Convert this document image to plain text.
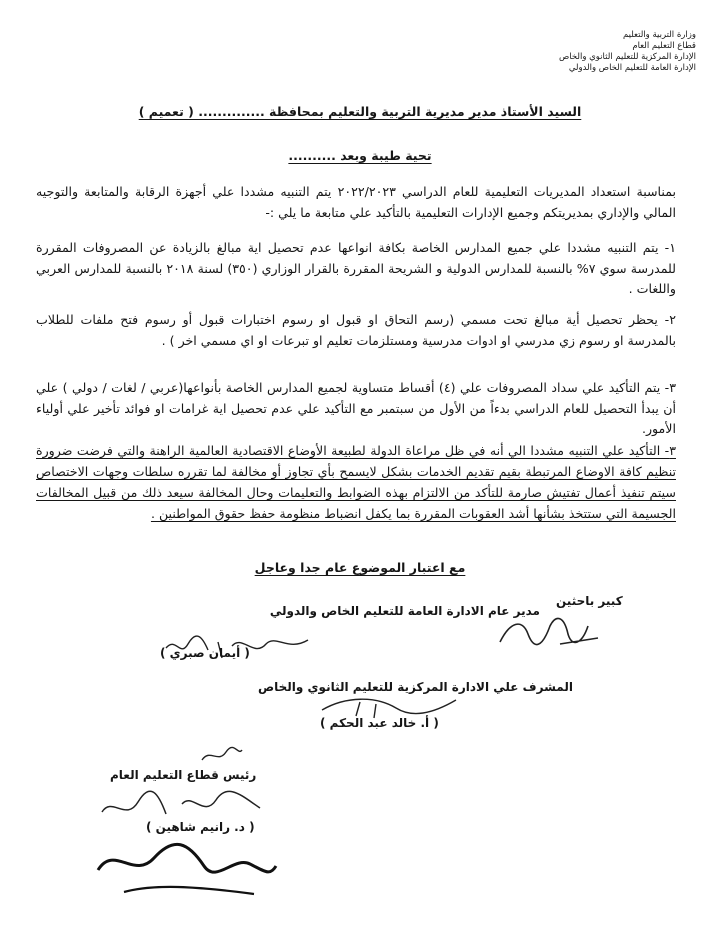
وزارة التربية والتعليم
قطاع التعليم العام
الإدارة المركزية للتعليم الثانوي والخاص
الإدارة العامة للتعليم الخاص والدولي
السيد الأستاذ مدير مديرية التربية والتعليم بمحافظة .............. ( تعميم )
تحية طيبة وبعد ..........
بمناسبة استعداد المديريات التعليمية للعام الدراسي ٢٠٢٢/٢٠٢٣ يتم التنبيه مشددا علي أجهزة الرقابة والمتابعة والتوجيه المالي والإداري بمديريتكم وجميع الإدارات التعليمية بالتأكيد علي متابعة ما يلي :-
١- يتم التنبيه مشددا علي جميع المدارس الخاصة بكافة انواعها عدم تحصيل اية مبالغ بالزيادة عن المصروفات المقررة للمدرسة سوي ٧% بالنسبة للمدارس الدولية و الشريحة المقررة بالقرار الوزاري (٣٥٠) لسنة ٢٠١٨ بالنسبة للمدارس العربي واللغات .
٢- يحظر تحصيل أية مبالغ تحت مسمي (رسم التحاق او قبول او رسوم اختبارات قبول أو رسوم فتح ملفات للطلاب بالمدرسة او رسوم زي مدرسي او ادوات مدرسية ومستلزمات تعليم او تبرعات او اي مسمي اخر ) .
٣- يتم التأكيد علي سداد المصروفات علي (٤) أقساط متساوية لجميع المدارس الخاصة بأنواعها(عربي / لغات / دولي ) علي أن يبدأ التحصيل للعام الدراسي بدءاً من الأول من سبتمبر مع التأكيد علي عدم تحصيل اية غرامات او فوائد تأخير علي أولياء الأمور.
٣- التأكيد علي التنبيه مشددا الي أنه في ظل مراعاة الدولة لطبيعة الأوضاع الاقتصادية العالمية الراهنة والتي فرضت ضرورة تنظيم كافة الاوضاع المرتبطة بقيم تقديم الخدمات بشكل لايسمح بأي تجاوز أو مخالفة لما تقرره سلطات وجهات الاختصاص سيتم تنفيذ أعمال تفتيش صارمة للتأكد من الالتزام بهذه الضوابط والتعليمات وحال المخالفة سيعد ذلك من قبيل المخالفات الجسيمة التي ستتخذ بشأنها أشد العقوبات المقررة بما يكفل انضباط منظومة حفظ حقوق المواطنين .
مع اعتبار الموضوع عام جدا وعاجل
كبير باحثين
مدير عام الادارة العامة للتعليم الخاص والدولي
( أيمان صبري )
المشرف علي الادارة المركزية للتعليم الثانوي والخاص
( أ. خالد عبد الحكم )
رئيس قطاع التعليم العام
( د. رانيم شاهين )
